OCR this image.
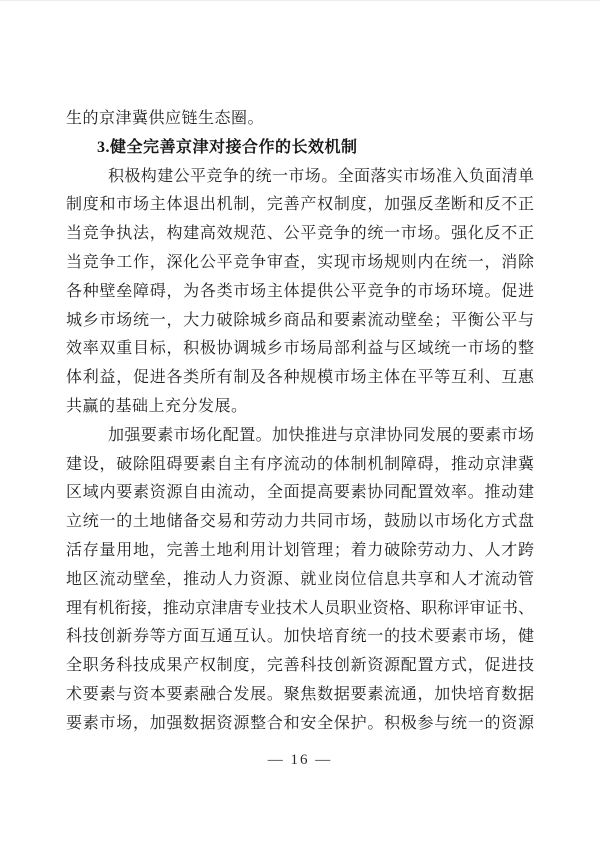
生的京津冀供应链生态圈。
3.健全完善京津对接合作的长效机制
积极构建公平竞争的统一市场。全面落实市场准入负面清单
制度和市场主体退出机制，完善产权制度，加强反垄断和反不正
当竞争执法，构建高效规范、公平竞争的统一市场。强化反不正
当竞争工作，深化公平竞争审查，实现市场规则内在统一，消除
各种壁垒障碍，为各类市场主体提供公平竞争的市场环境。促进
城乡市场统一，大力破除城乡商品和要素流动壁垒；平衡公平与
效率双重目标，积极协调城乡市场局部利益与区域统一市场的整
体利益，促进各类所有制及各种规模市场主体在平等互利、互惠
共赢的基础上充分发展。
加强要素市场化配置。加快推进与京津协同发展的要素市场
建设，破除阻碍要素自主有序流动的体制机制障碍，推动京津冀
区域内要素资源自由流动，全面提高要素协同配置效率。推动建
立统一的土地储备交易和劳动力共同市场，鼓励以市场化方式盘
活存量用地，完善土地利用计划管理；着力破除劳动力、人才跨
地区流动壁垒，推动人力资源、就业岗位信息共享和人才流动管
理有机衔接，推动京津唐专业技术人员职业资格、职称评审证书、
科技创新券等方面互通互认。加快培育统一的技术要素市场，健
全职务科技成果产权制度，完善科技创新资源配置方式，促进技
术要素与资本要素融合发展。聚焦数据要素流通，加快培育数据
要素市场，加强数据资源整合和安全保护。积极参与统一的资源
— 16 —
